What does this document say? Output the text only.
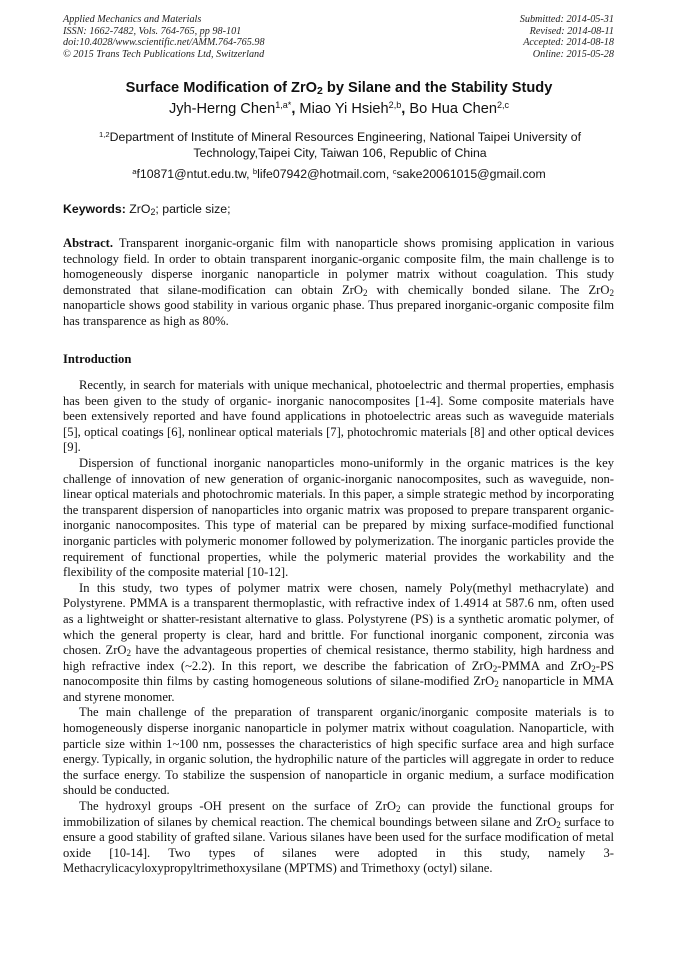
Applied Mechanics and Materials
ISSN: 1662-7482, Vols. 764-765, pp 98-101
doi:10.4028/www.scientific.net/AMM.764-765.98
© 2015 Trans Tech Publications Ltd, Switzerland
Submitted: 2014-05-31
Revised: 2014-08-11
Accepted: 2014-08-18
Online: 2015-05-28
Surface Modification of ZrO$_2$ by Silane and the Stability Study
Jyh-Herng Chen$^{1,a*}$, Miao Yi Hsieh$^{2,b}$, Bo Hua Chen$^{2,c}$
$^{1,2}$Department of Institute of Mineral Resources Engineering, National Taipei University of Technology,Taipei City, Taiwan 106, Republic of China
$^a$f10871@ntut.edu.tw, $^b$life07942@hotmail.com, $^c$sake20061015@gmail.com
Keywords: ZrO$_2$; particle size;
Abstract. Transparent inorganic-organic film with nanoparticle shows promising application in various technology field. In order to obtain transparent inorganic-organic composite film, the main challenge is to homogeneously disperse inorganic nanoparticle in polymer matrix without coagulation. This study demonstrated that silane-modification can obtain ZrO$_2$ with chemically bonded silane. The ZrO$_2$ nanoparticle shows good stability in various organic phase. Thus prepared inorganic-organic composite film has transparence as high as 80%.
Introduction

Recently, in search for materials with unique mechanical, photoelectric and thermal properties, emphasis has been given to the study of organic- inorganic nanocomposites [1-4]. Some composite materials have been extensively reported and have found applications in photoelectric areas such as waveguide materials [5], optical coatings [6], nonlinear optical materials [7], photochromic materials [8] and other optical devices [9].

Dispersion of functional inorganic nanoparticles mono-uniformly in the organic matrices is the key challenge of innovation of new generation of organic-inorganic nanocomposites, such as waveguide, non-linear optical materials and photochromic materials. In this paper, a simple strategic method by incorporating the transparent dispersion of nanoparticles into organic matrix was proposed to prepare transparent organic-inorganic nanocomposites. This type of material can be prepared by mixing surface-modified functional inorganic particles with polymeric monomer followed by polymerization. The inorganic particles provide the requirement of functional properties, while the polymeric material provides the workability and the flexibility of the composite material [10-12].

In this study, two types of polymer matrix were chosen, namely Poly(methyl methacrylate) and Polystyrene. PMMA is a transparent thermoplastic, with refractive index of 1.4914 at 587.6 nm, often used as a lightweight or shatter-resistant alternative to glass. Polystyrene (PS) is a synthetic aromatic polymer, of which the general property is clear, hard and brittle. For functional inorganic component, zirconia was chosen. ZrO$_2$ have the advantageous properties of chemical resistance, thermo stability, high hardness and high refractive index (~2.2). In this report, we describe the fabrication of ZrO$_2$-PMMA and ZrO$_2$-PS nanocomposite thin films by casting homogeneous solutions of silane-modified ZrO$_2$ nanoparticle in MMA and styrene monomer.

The main challenge of the preparation of transparent organic/inorganic composite materials is to homogeneously disperse inorganic nanoparticle in polymer matrix without coagulation. Nanoparticle, with particle size within 1~100 nm, possesses the characteristics of high specific surface area and high surface energy. Typically, in organic solution, the hydrophilic nature of the particles will aggregate in order to reduce the surface energy. To stabilize the suspension of nanoparticle in organic medium, a surface modification should be conducted.

The hydroxyl groups -OH present on the surface of ZrO$_2$ can provide the functional groups for immobilization of silanes by chemical reaction. The chemical boundings between silane and ZrO$_2$ surface to ensure a good stability of grafted silane. Various silanes have been used for the surface modification of metal oxide [10-14]. Two types of silanes were adopted in this study, namely 3-Methacrylicacyloxypropyltrimethoxysilane (MPTMS) and Trimethoxy (octyl) silane.
